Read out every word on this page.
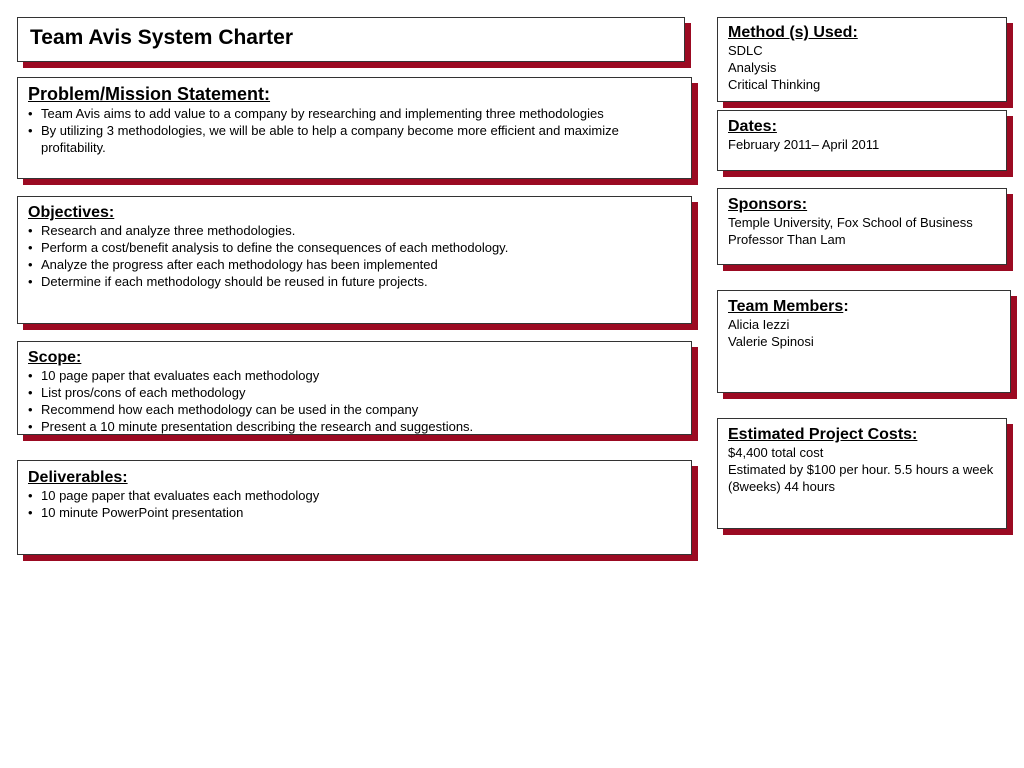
Team Avis System Charter
Problem/Mission Statement:
• Team Avis aims to add value to a company by researching and implementing three methodologies
• By utilizing 3 methodologies, we will be able to help a company become more efficient and maximize profitability.
Objectives:
• Research and analyze three methodologies.
• Perform a cost/benefit analysis to define the consequences of each methodology.
• Analyze the progress after each methodology has been implemented
• Determine if each methodology should be reused in future projects.
Scope:
• 10 page paper that evaluates each methodology
• List pros/cons of each methodology
• Recommend how each methodology can be used in the company
• Present a 10 minute presentation describing the research and suggestions.
Deliverables:
• 10 page paper that evaluates each methodology
• 10 minute PowerPoint presentation
Method (s) Used:
SDLC
Analysis
Critical Thinking
Dates:
February 2011– April 2011
Sponsors:
Temple University, Fox School of Business
Professor Than Lam
Team Members:
Alicia Iezzi
Valerie Spinosi
Estimated Project Costs:
$4,400 total cost
Estimated by $100 per hour. 5.5 hours a week (8weeks) 44 hours
